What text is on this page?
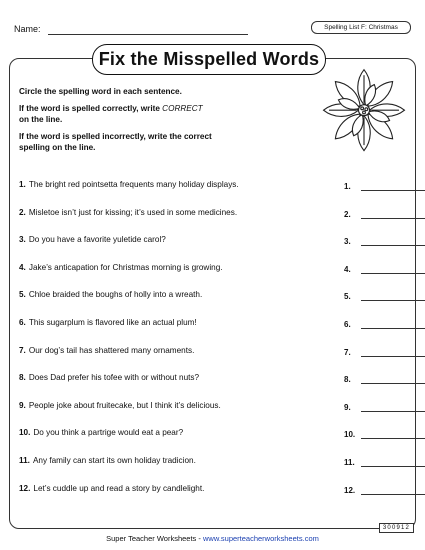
Name:	Spelling List F: Christmas
Fix the Misspelled Words

Circle the spelling word in each sentence.

If the word is spelled correctly, write CORRECT
on the line.

If the word is spelled incorrectly, write the correct
spelling on the line.

1. The bright red pointsetta frequents many holiday displays.	1.
2. Misletoe isn’t just for kissing; it’s used in some medicines.	2.
3. Do you have a favorite yuletide carol?	3.
4. Jake’s anticapation for Christmas morning is growing.	4.
5. Chloe braided the boughs of holly into a wreath.	5.
6. This sugarplum is flavored like an actual plum!	6.
7. Our dog’s tail has shattered many ornaments.	7.
8. Does Dad prefer his tofee with or without nuts?	8.
9. People joke about fruitecake, but I think it’s delicious.	9.
10. Do you think a partrige would eat a pear?	10.
11. Any family can start its own holiday tradicion.	11.
12. Let’s cuddle up and read a story by candlelight.	12.
Super Teacher Worksheets - www.superteacherworksheets.com
300912
